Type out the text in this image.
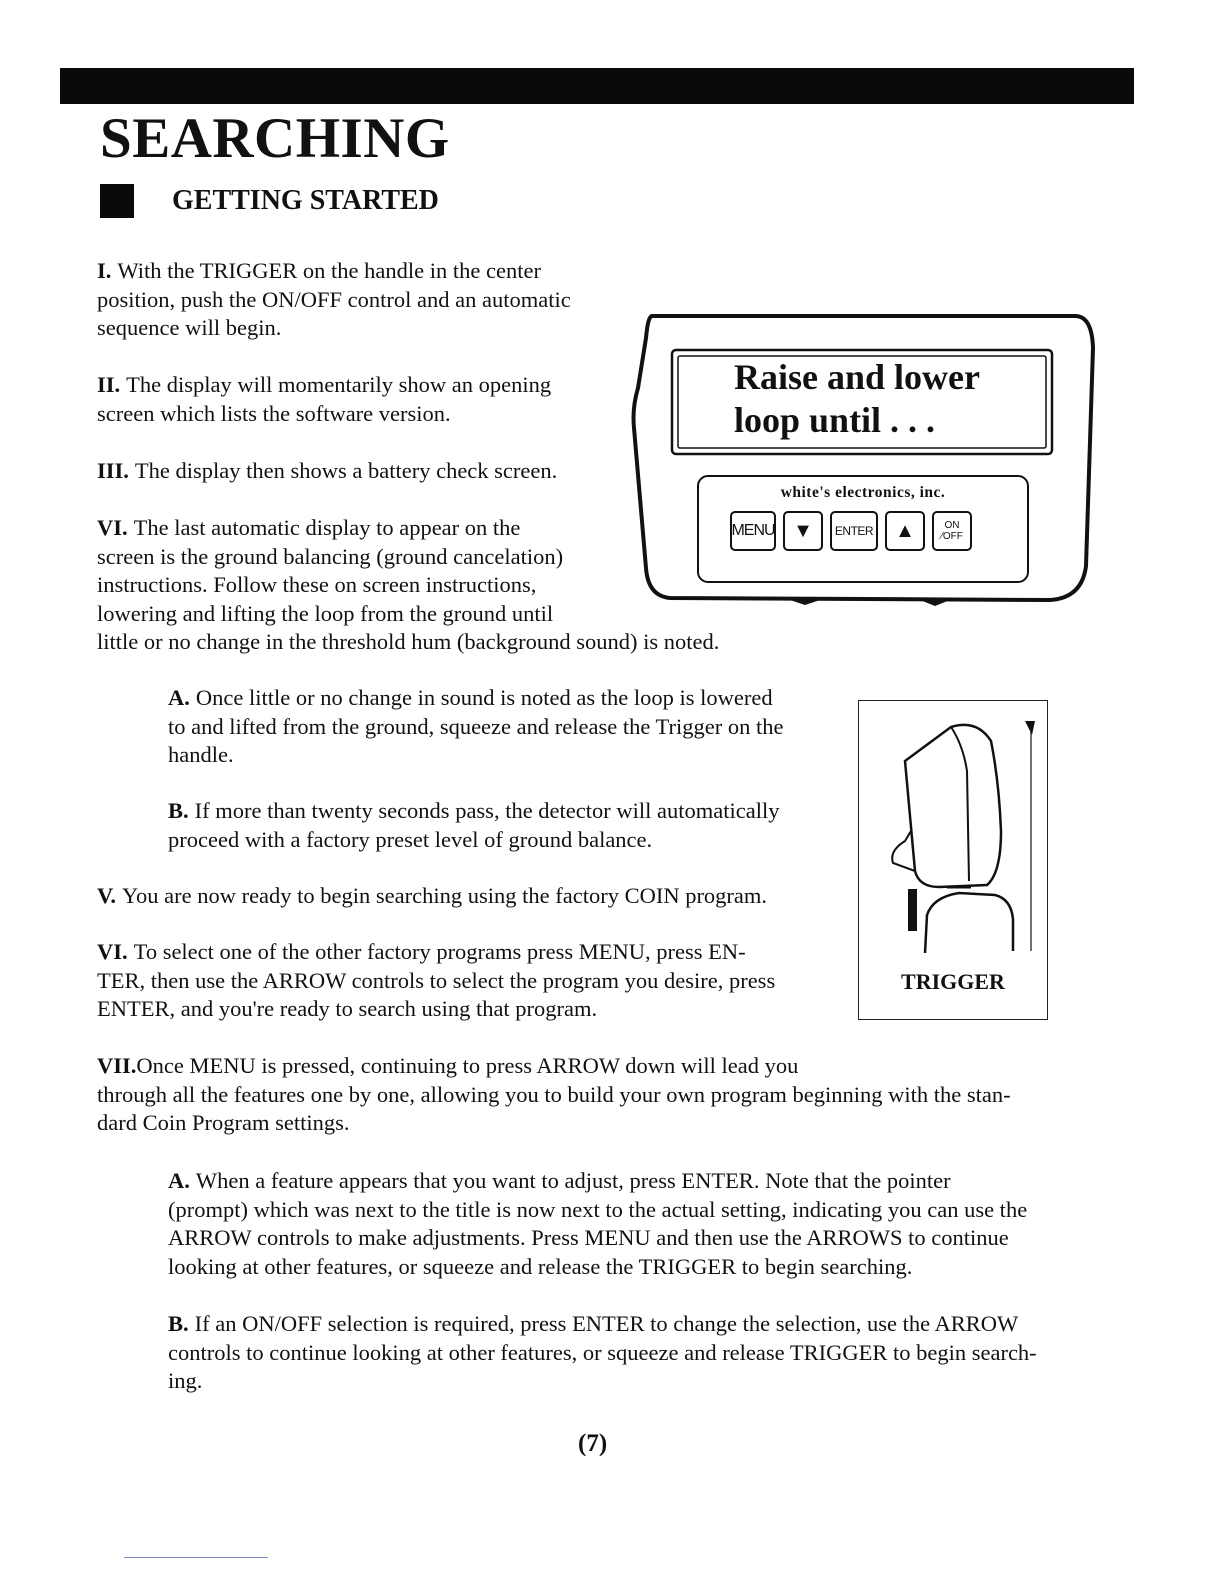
SEARCHING
GETTING STARTED

I. With the TRIGGER on the handle in the center
position, push the ON/OFF control and an automatic
sequence will begin.

II. The display will momentarily show an opening
screen which lists the software version.

III. The display then shows a battery check screen.

VI. The last automatic display to appear on the
screen is the ground balancing (ground cancelation)
instructions. Follow these on screen instructions,
lowering and lifting the loop from the ground until
little or no change in the threshold hum (background sound) is noted.

A. Once little or no change in sound is noted as the loop is lowered
to and lifted from the ground, squeeze and release the Trigger on the
handle.

B. If more than twenty seconds pass, the detector will automatically
proceed with a factory preset level of ground balance.

V. You are now ready to begin searching using the factory COIN program.

VI. To select one of the other factory programs press MENU, press EN-
TER, then use the ARROW controls to select the program you desire, press
ENTER, and you're ready to search using that program.

VII.Once MENU is pressed, continuing to press ARROW down will lead you
through all the features one by one, allowing you to build your own program beginning with the stan-
dard Coin Program settings.

A. When a feature appears that you want to adjust, press ENTER. Note that the pointer
(prompt) which was next to the title is now next to the actual setting, indicating you can use the
ARROW controls to make adjustments. Press MENU and then use the ARROWS to continue
looking at other features, or squeeze and release the TRIGGER to begin searching.

B. If an ON/OFF selection is required, press ENTER to change the selection, use the ARROW
controls to continue looking at other features, or squeeze and release TRIGGER to begin search-
ing.

Raise and lower
loop until . . .
white's electronics, inc.
MENU ▼	ENTER	▲	ON
⁄OFF
TRIGGER
(7)
